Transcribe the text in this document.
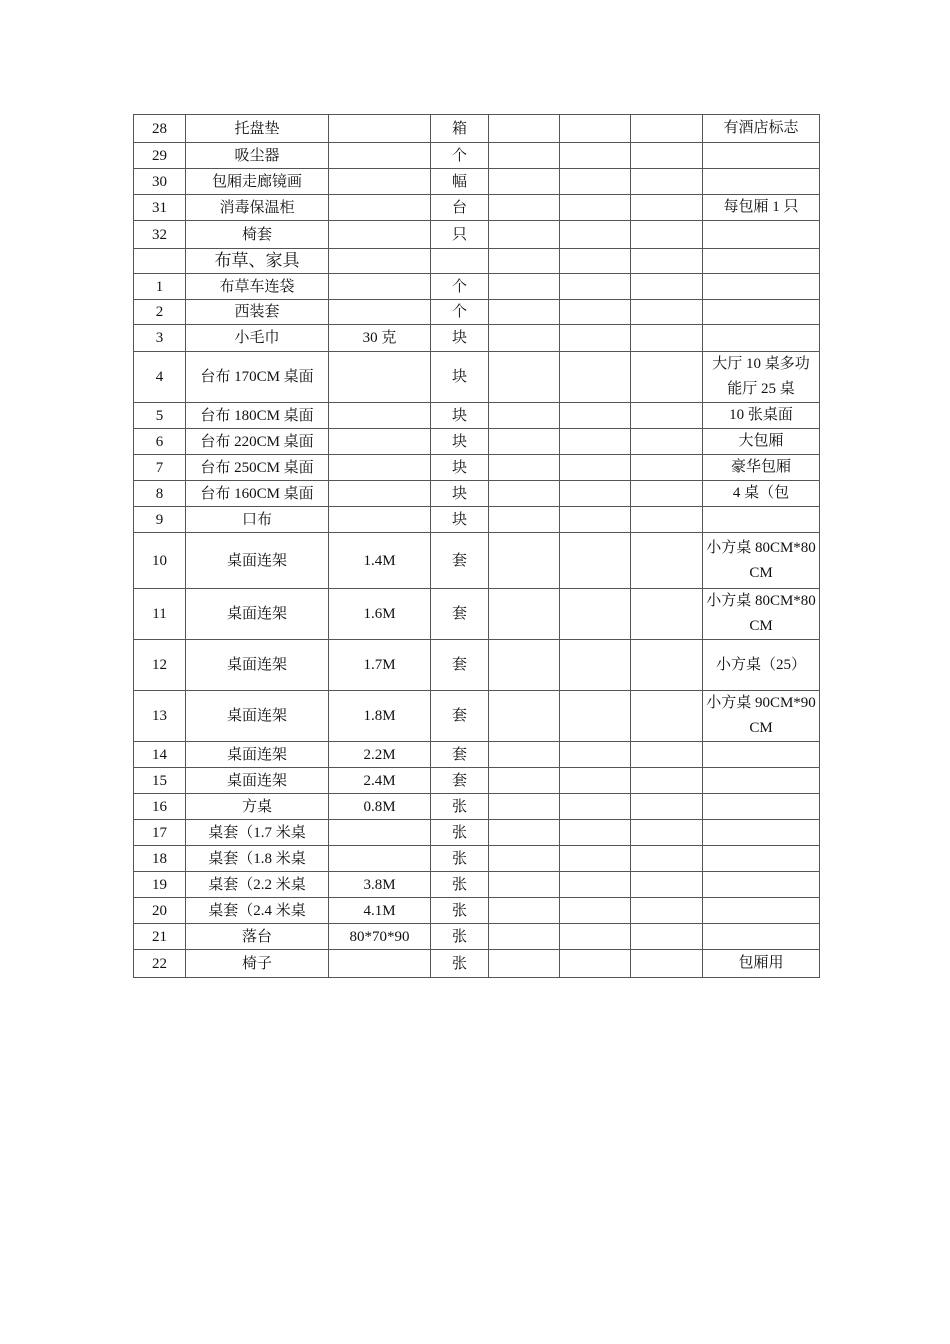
28	托盘垫		箱				有酒店标志
29	吸尘器		个				
30	包厢走廊镜画		幅				
31	消毒保温柜		台				每包厢 1 只
32	椅套		只				
	布草、家具						
1	布草车连袋		个				
2	西装套		个				
3	小毛巾	30 克	块				
4	台布 170CM 桌面		块				大厅 10 桌多功能厅 25 桌
5	台布 180CM 桌面		块				10 张桌面
6	台布 220CM 桌面		块				大包厢
7	台布 250CM 桌面		块				豪华包厢
8	台布 160CM 桌面		块				4 桌（包
9	口布		块				
10	桌面连架	1.4M	套				小方桌 80CM*80CM
11	桌面连架	1.6M	套				小方桌 80CM*80CM
12	桌面连架	1.7M	套				小方桌（25）
13	桌面连架	1.8M	套				小方桌 90CM*90CM
14	桌面连架	2.2M	套				
15	桌面连架	2.4M	套				
16	方桌	0.8M	张				
17	桌套（1.7 米桌		张				
18	桌套（1.8 米桌		张				
19	桌套（2.2 米桌	3.8M	张				
20	桌套（2.4 米桌	4.1M	张				
21	落台	80*70*90	张				
22	椅子		张				包厢用
